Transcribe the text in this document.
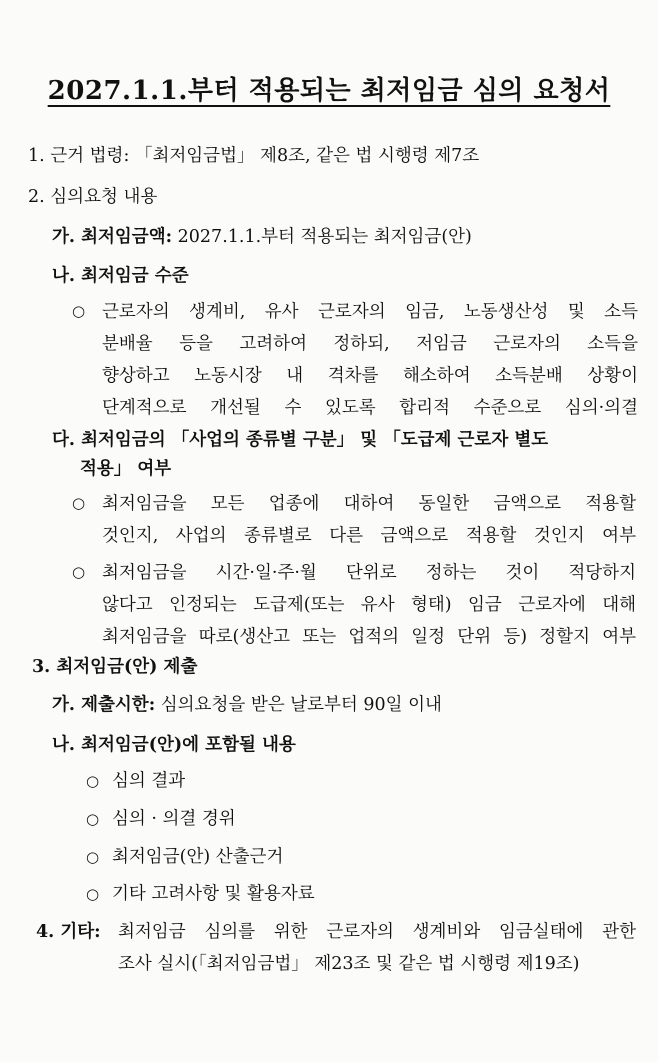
2027.1.1.부터 적용되는 최저임금 심의 요청서
1. 근거 법령: 「최저임금법」 제8조, 같은 법 시행령 제7조
2. 심의요청 내용
가. 최저임금액: 2027.1.1.부터 적용되는 최저임금(안)
나. 최저임금 수준
○ 근로자의 생계비, 유사 근로자의 임금, 노동생산성 및 소득
분배율 등을 고려하여 정하되, 저임금 근로자의 소득을
향상하고 노동시장 내 격차를 해소하여 소득분배 상황이
단계적으로 개선될 수 있도록 합리적 수준으로 심의·의결
다. 최저임금의 「사업의 종류별 구분」 및 「도급제 근로자 별도
적용」 여부
○ 최저임금을 모든 업종에 대하여 동일한 금액으로 적용할
것인지, 사업의 종류별로 다른 금액으로 적용할 것인지 여부
○ 최저임금을 시간·일·주·월 단위로 정하는 것이 적당하지
않다고 인정되는 도급제(또는 유사 형태) 임금 근로자에 대해
최저임금을 따로(생산고 또는 업적의 일정 단위 등) 정할지 여부
3. 최저임금(안) 제출
가. 제출시한: 심의요청을 받은 날로부터 90일 이내
나. 최저임금(안)에 포함될 내용
○ 심의 결과
○ 심의 · 의결 경위
○ 최저임금(안) 산출근거
○ 기타 고려사항 및 활용자료
4. 기타: 최저임금 심의를 위한 근로자의 생계비와 임금실태에 관한
조사 실시(「최저임금법」 제23조 및 같은 법 시행령 제19조)
